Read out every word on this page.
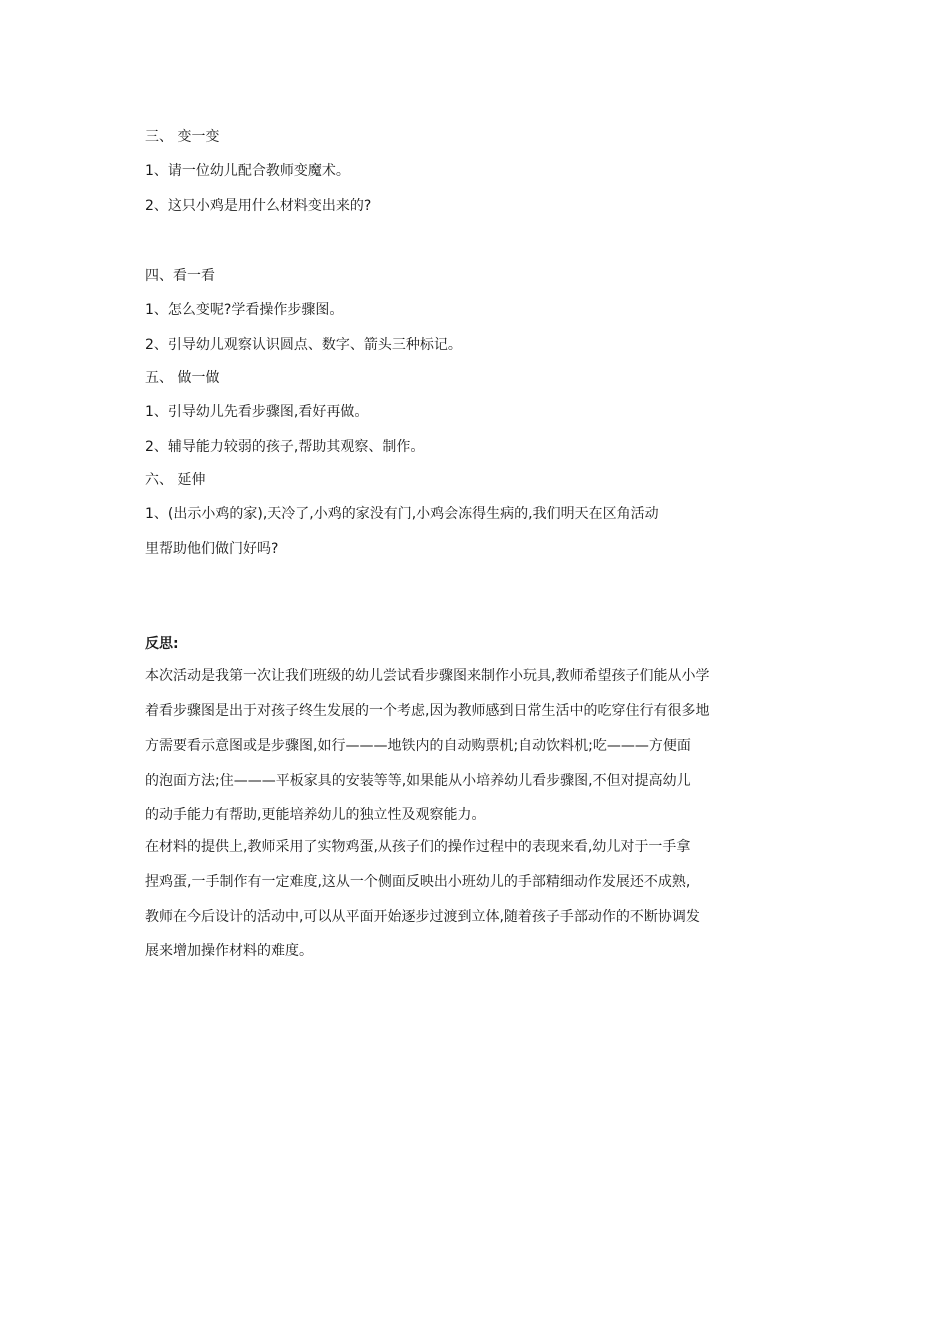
三、 变一变
1、请一位幼儿配合教师变魔术。
2、这只小鸡是用什么材料变出来的?
四、看一看
1、怎么变呢?学看操作步骤图。
2、引导幼儿观察认识圆点、数字、箭头三种标记。
五、 做一做
1、引导幼儿先看步骤图,看好再做。
2、辅导能力较弱的孩子,帮助其观察、制作。
六、 延伸
1、(出示小鸡的家),天冷了,小鸡的家没有门,小鸡会冻得生病的,我们明天在区角活动
里帮助他们做门好吗?
反思:
本次活动是我第一次让我们班级的幼儿尝试看步骤图来制作小玩具,教师希望孩子们能从小学
着看步骤图是出于对孩子终生发展的一个考虑,因为教师感到日常生活中的吃穿住行有很多地
方需要看示意图或是步骤图,如行———地铁内的自动购票机;自动饮料机;吃———方便面
的泡面方法;住———平板家具的安装等等,如果能从小培养幼儿看步骤图,不但对提高幼儿
的动手能力有帮助,更能培养幼儿的独立性及观察能力。
在材料的提供上,教师采用了实物鸡蛋,从孩子们的操作过程中的表现来看,幼儿对于一手拿
捏鸡蛋,一手制作有一定难度,这从一个侧面反映出小班幼儿的手部精细动作发展还不成熟,
教师在今后设计的活动中,可以从平面开始逐步过渡到立体,随着孩子手部动作的不断协调发
展来增加操作材料的难度。
